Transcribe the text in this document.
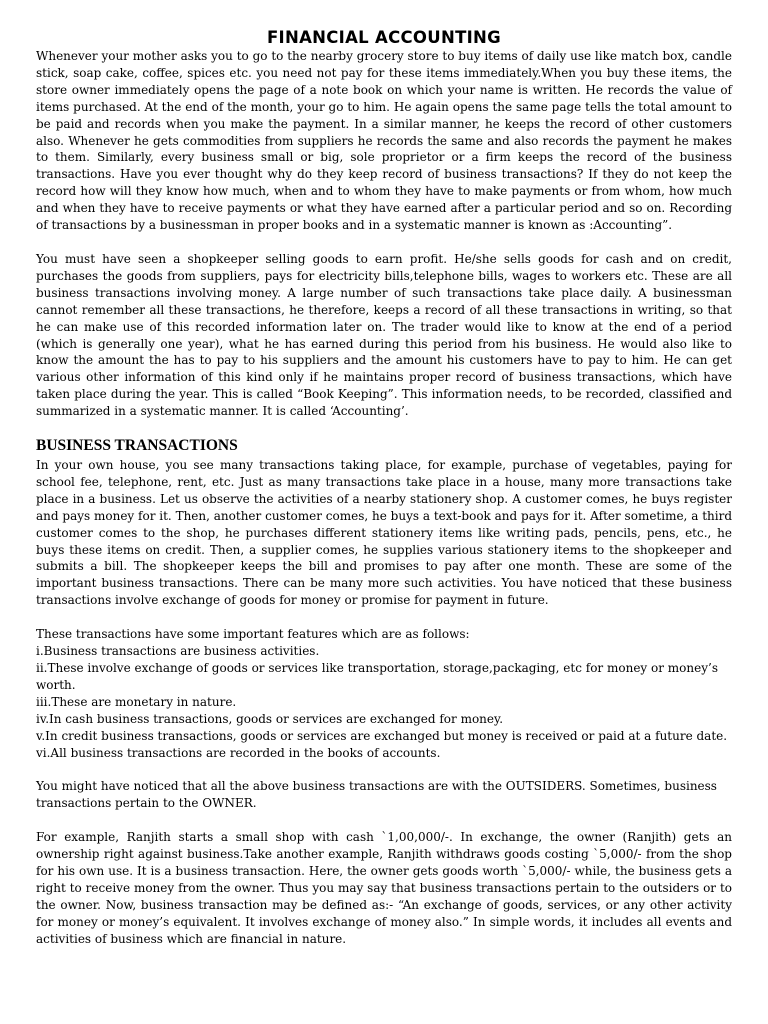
FINANCIAL ACCOUNTING

Whenever your mother asks you to go to the nearby grocery store to buy items of daily use like match box, candle stick, soap cake, coffee, spices etc. you need not pay for these items immediately.When you buy these items, the store owner immediately opens the page of a note book on which your name is written. He records the value of items purchased. At the end of the month, your go to him. He again opens the same page tells the total amount to be paid and records when you make the payment. In a similar manner, he keeps the record of other customers also. Whenever he gets commodities from suppliers he records the same and also records the payment he makes to them. Similarly, every business small or big, sole proprietor or a firm keeps the record of the business transactions. Have you ever thought why do they keep record of business transactions? If they do not keep the record how will they know how much, when and to whom they have to make payments or from whom, how much and when they have to receive payments or what they have earned after a particular period and so on. Recording of transactions by a businessman in proper books and in a systematic manner is known as :Accounting”.

You must have seen a shopkeeper selling goods to earn profit. He/she sells goods for cash and on credit, purchases the goods from suppliers, pays for electricity bills,telephone bills, wages to workers etc. These are all business transactions involving money. A large number of such transactions take place daily. A businessman cannot remember all these transactions, he therefore, keeps a record of all these transactions in writing, so that he can make use of this recorded information later on. The trader would like to know at the end of a period (which is generally one year), what he has earned during this period from his business. He would also like to know the amount the has to pay to his suppliers and the amount his customers have to pay to him. He can get various other information of this kind only if he maintains proper record of business transactions, which have taken place during the year. This is called “Book Keeping”. This information needs, to be recorded, classified and summarized in a systematic manner. It is called ‘Accounting’.

BUSINESS TRANSACTIONS

In your own house, you see many transactions taking place, for example, purchase of vegetables, paying for school fee, telephone, rent, etc. Just as many transactions take place in a house, many more transactions take place in a business. Let us observe the activities of a nearby stationery shop. A customer comes, he buys register and pays money for it. Then, another customer comes, he buys a text-book and pays for it. After sometime, a third customer comes to the shop, he purchases different stationery items like writing pads, pencils, pens, etc., he buys these items on credit. Then, a supplier comes, he supplies various stationery items to the shopkeeper and submits a bill. The shopkeeper keeps the bill and promises to pay after one month. These are some of the important business transactions. There can be many more such activities. You have noticed that these business transactions involve exchange of goods for money or promise for payment in future.

These transactions have some important features which are as follows:

i.Business transactions are business activities.
ii.These involve exchange of goods or services like transportation, storage,packaging, etc for money or money’s worth.
iii.These are monetary in nature.
iv.In cash business transactions, goods or services are exchanged for money.
v.In credit business transactions, goods or services are exchanged but money is received or paid at a future date.
vi.All business transactions are recorded in the books of accounts.

You might have noticed that all the above business transactions are with the OUTSIDERS. Sometimes, business transactions pertain to the OWNER.

For example, Ranjith starts a small shop with cash `1,00,000/-. In exchange, the owner (Ranjith) gets an ownership right against business.Take another example, Ranjith withdraws goods costing `5,000/- from the shop for his own use. It is a business transaction. Here, the owner gets goods worth `5,000/- while, the business gets a right to receive money from the owner. Thus you may say that business transactions pertain to the outsiders or to the owner. Now, business transaction may be defined as:- “An exchange of goods, services, or any other activity for money or money’s equivalent. It involves exchange of money also.” In simple words, it includes all events and activities of business which are financial in nature.
